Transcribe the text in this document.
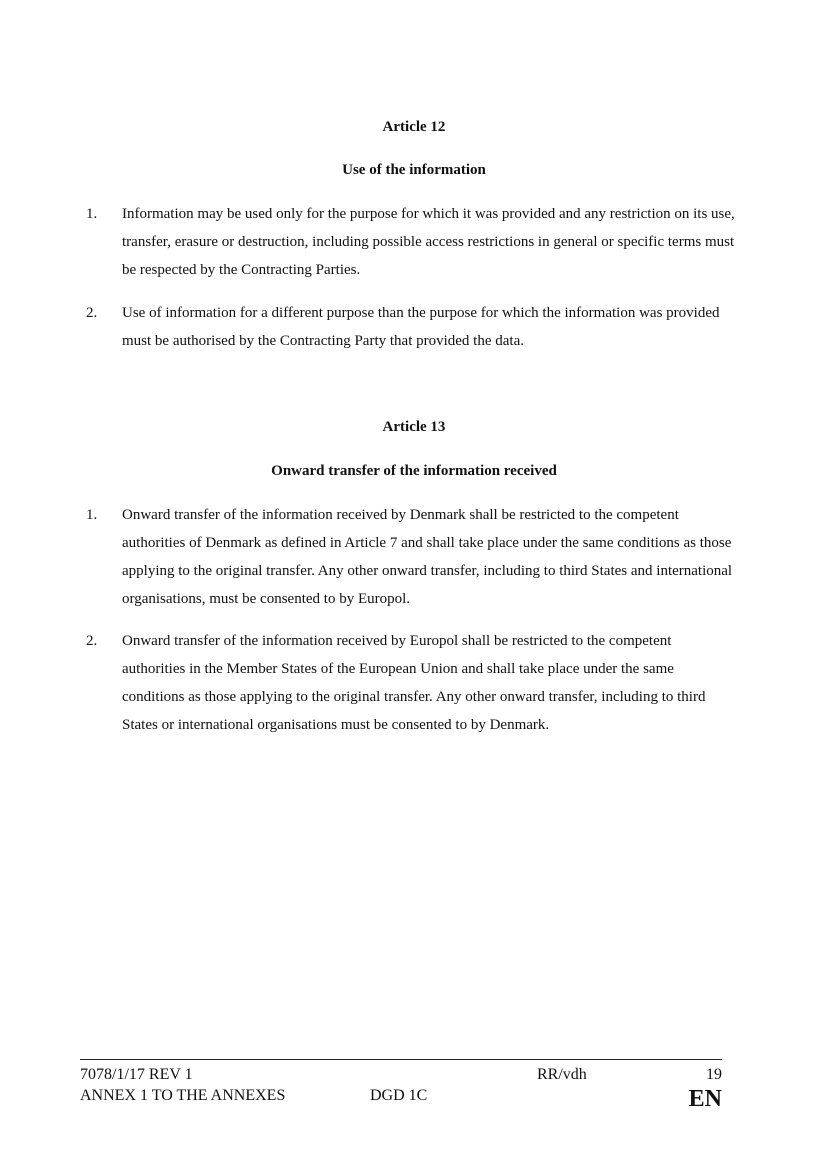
Article 12
Use of the information
1.	Information may be used only for the purpose for which it was provided and any restriction on its use, transfer, erasure or destruction, including possible access restrictions in general or specific terms must be respected by the Contracting Parties.
2.	Use of information for a different purpose than the purpose for which the information was provided must be authorised by the Contracting Party that provided the data.
Article 13
Onward transfer of the information received
1.	Onward transfer of the information received by Denmark shall be restricted to the competent authorities of Denmark as defined in Article 7 and shall take place under the same conditions as those applying to the original transfer. Any other onward transfer, including to third States and international organisations, must be consented to by Europol.
2.	Onward transfer of the information received by Europol shall be restricted to the competent authorities in the Member States of the European Union and shall take place under the same conditions as those applying to the original transfer. Any other onward transfer, including to third States or international organisations must be consented to by Denmark.
7078/1/17 REV 1
ANNEX 1 TO THE ANNEXES	DGD 1C
RR/vdh	19
EN
